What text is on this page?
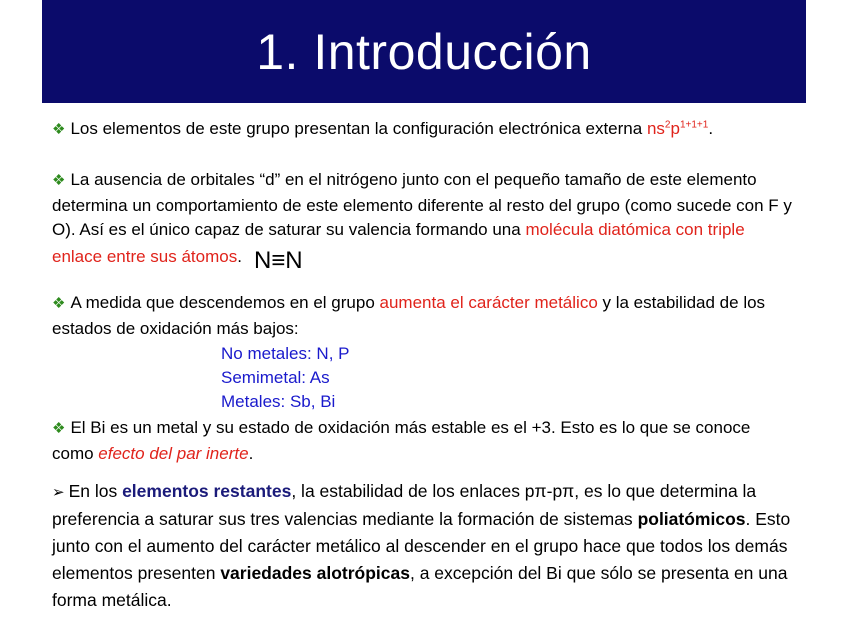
1. Introducción

❖ Los elementos de este grupo presentan la configuración electrónica externa $ns^2p^{1+1+1}$.

❖ La ausencia de orbitales “d” en el nitrógeno junto con el pequeño tamaño de este elemento determina un comportamiento de este elemento diferente al resto del grupo (como sucede con F y O). Así es el único capaz de saturar su valencia formando una molécula diatómica con triple enlace entre sus átomos. N≡N

❖ A medida que descendemos en el grupo aumenta el carácter metálico y la estabilidad de los estados de oxidación más bajos:

No metales: N, P
Semimetal: As
Metales: Sb, Bi

❖ El Bi es un metal y su estado de oxidación más estable es el +3. Esto es lo que se conoce como efecto del par inerte.

➢ En los elementos restantes, la estabilidad de los enlaces pπ-pπ, es lo que determina la preferencia a saturar sus tres valencias mediante la formación de sistemas poliatómicos. Esto junto con el aumento del carácter metálico al descender en el grupo hace que todos los demás elementos presenten variedades alotrópicas, a excepción del Bi que sólo se presenta en una forma metálica.
